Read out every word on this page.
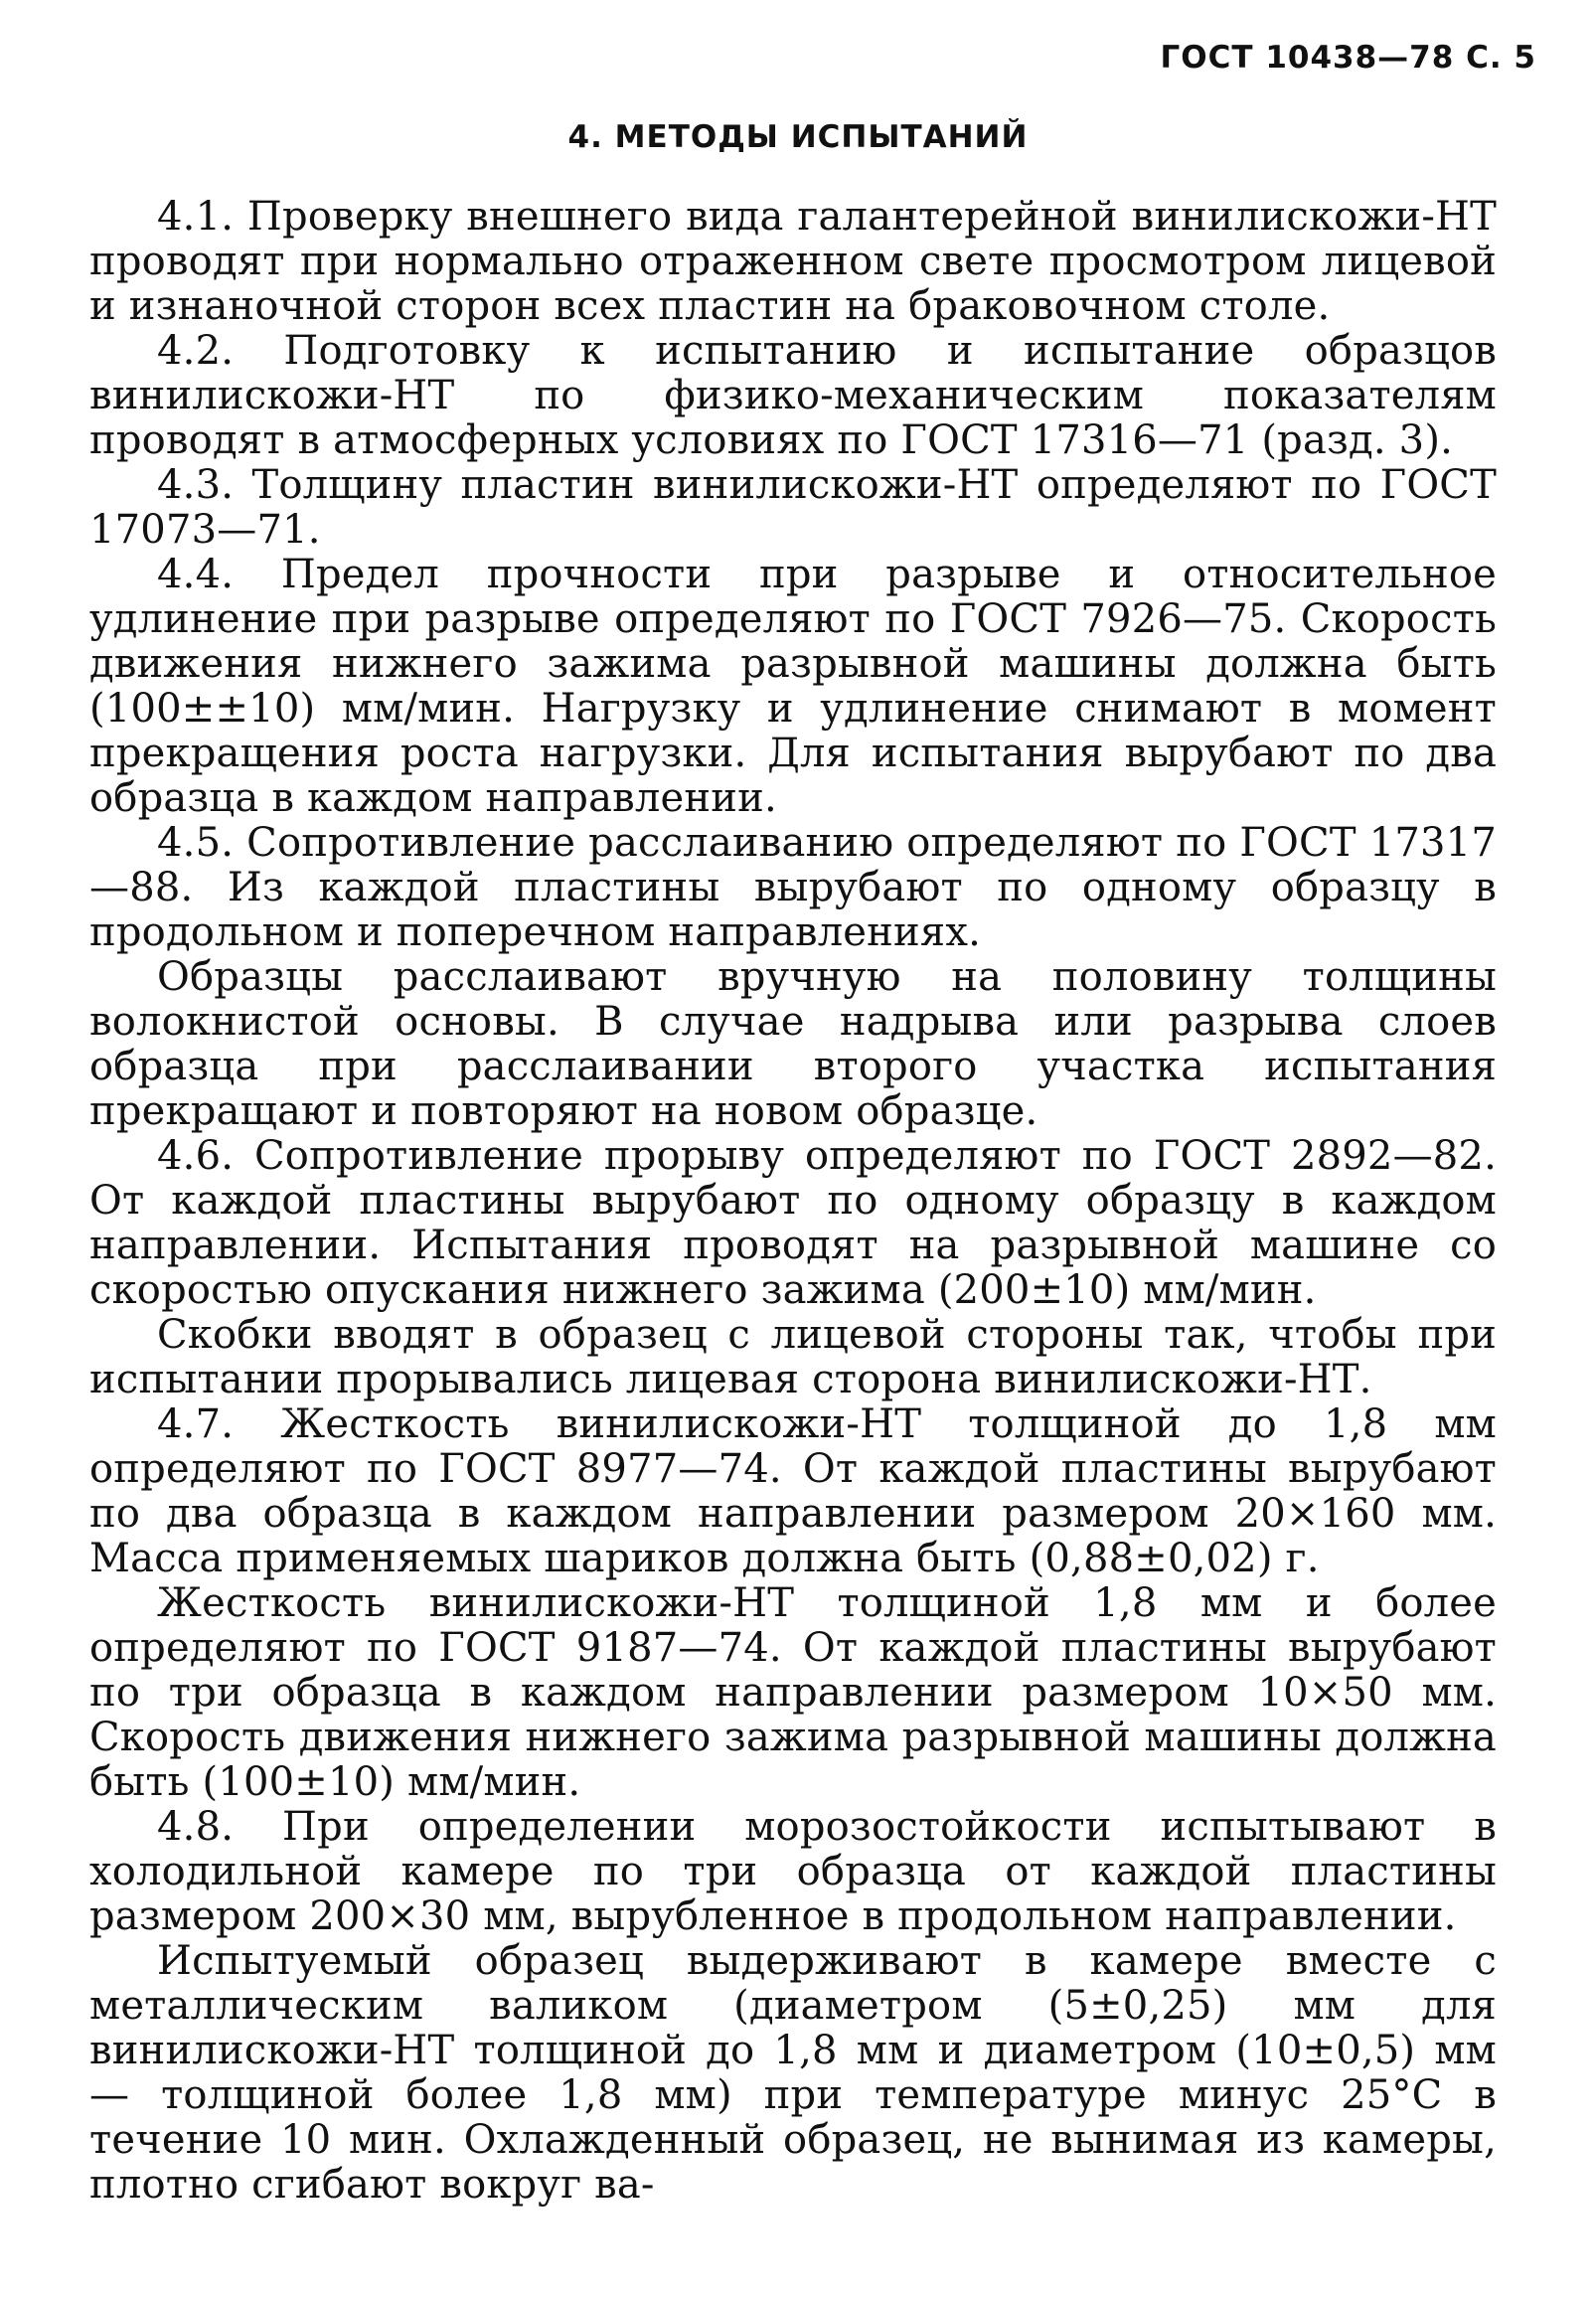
ГОСТ 10438—78 С. 5
4. МЕТОДЫ ИСПЫТАНИЙ

4.1. Проверку внешнего вида галантерейной винилискожи-НТ проводят при нормально отраженном свете просмотром лицевой и изнаночной сторон всех пластин на браковочном столе.

4.2. Подготовку к испытанию и испытание образцов винилискожи-НТ по физико-механическим показателям проводят в атмосферных условиях по ГОСТ 17316—71 (разд. 3).

4.3. Толщину пластин винилискожи-НТ определяют по ГОСТ 17073—71.

4.4. Предел прочности при разрыве и относительное удлинение при разрыве определяют по ГОСТ 7926—75. Скорость движения нижнего зажима разрывной машины должна быть (100±±10) мм/мин. Нагрузку и удлинение снимают в момент прекращения роста нагрузки. Для испытания вырубают по два образца в каждом направлении.

4.5. Сопротивление расслаиванию определяют по ГОСТ 17317—88. Из каждой пластины вырубают по одному образцу в продольном и поперечном направлениях.

Образцы расслаивают вручную на половину толщины волокнистой основы. В случае надрыва или разрыва слоев образца при расслаивании второго участка испытания прекращают и повторяют на новом образце.

4.6. Сопротивление прорыву определяют по ГОСТ 2892—82. От каждой пластины вырубают по одному образцу в каждом направлении. Испытания проводят на разрывной машине со скоростью опускания нижнего зажима (200±10) мм/мин.

Скобки вводят в образец с лицевой стороны так, чтобы при испытании прорывались лицевая сторона винилискожи-НТ.

4.7. Жесткость винилискожи-НТ толщиной до 1,8 мм определяют по ГОСТ 8977—74. От каждой пластины вырубают по два образца в каждом направлении размером 20×160 мм. Масса применяемых шариков должна быть (0,88±0,02) г.

Жесткость винилискожи-НТ толщиной 1,8 мм и более определяют по ГОСТ 9187—74. От каждой пластины вырубают по три образца в каждом направлении размером 10×50 мм. Скорость движения нижнего зажима разрывной машины должна быть (100±10) мм/мин.

4.8. При определении морозостойкости испытывают в холодильной камере по три образца от каждой пластины размером 200×30 мм, вырубленное в продольном направлении.

Испытуемый образец выдерживают в камере вместе с металлическим валиком (диаметром (5±0,25) мм для винилискожи-НТ толщиной до 1,8 мм и диаметром (10±0,5) мм — толщиной более 1,8 мм) при температуре минус 25°С в течение 10 мин. Охлажденный образец, не вынимая из камеры, плотно сгибают вокруг ва-
